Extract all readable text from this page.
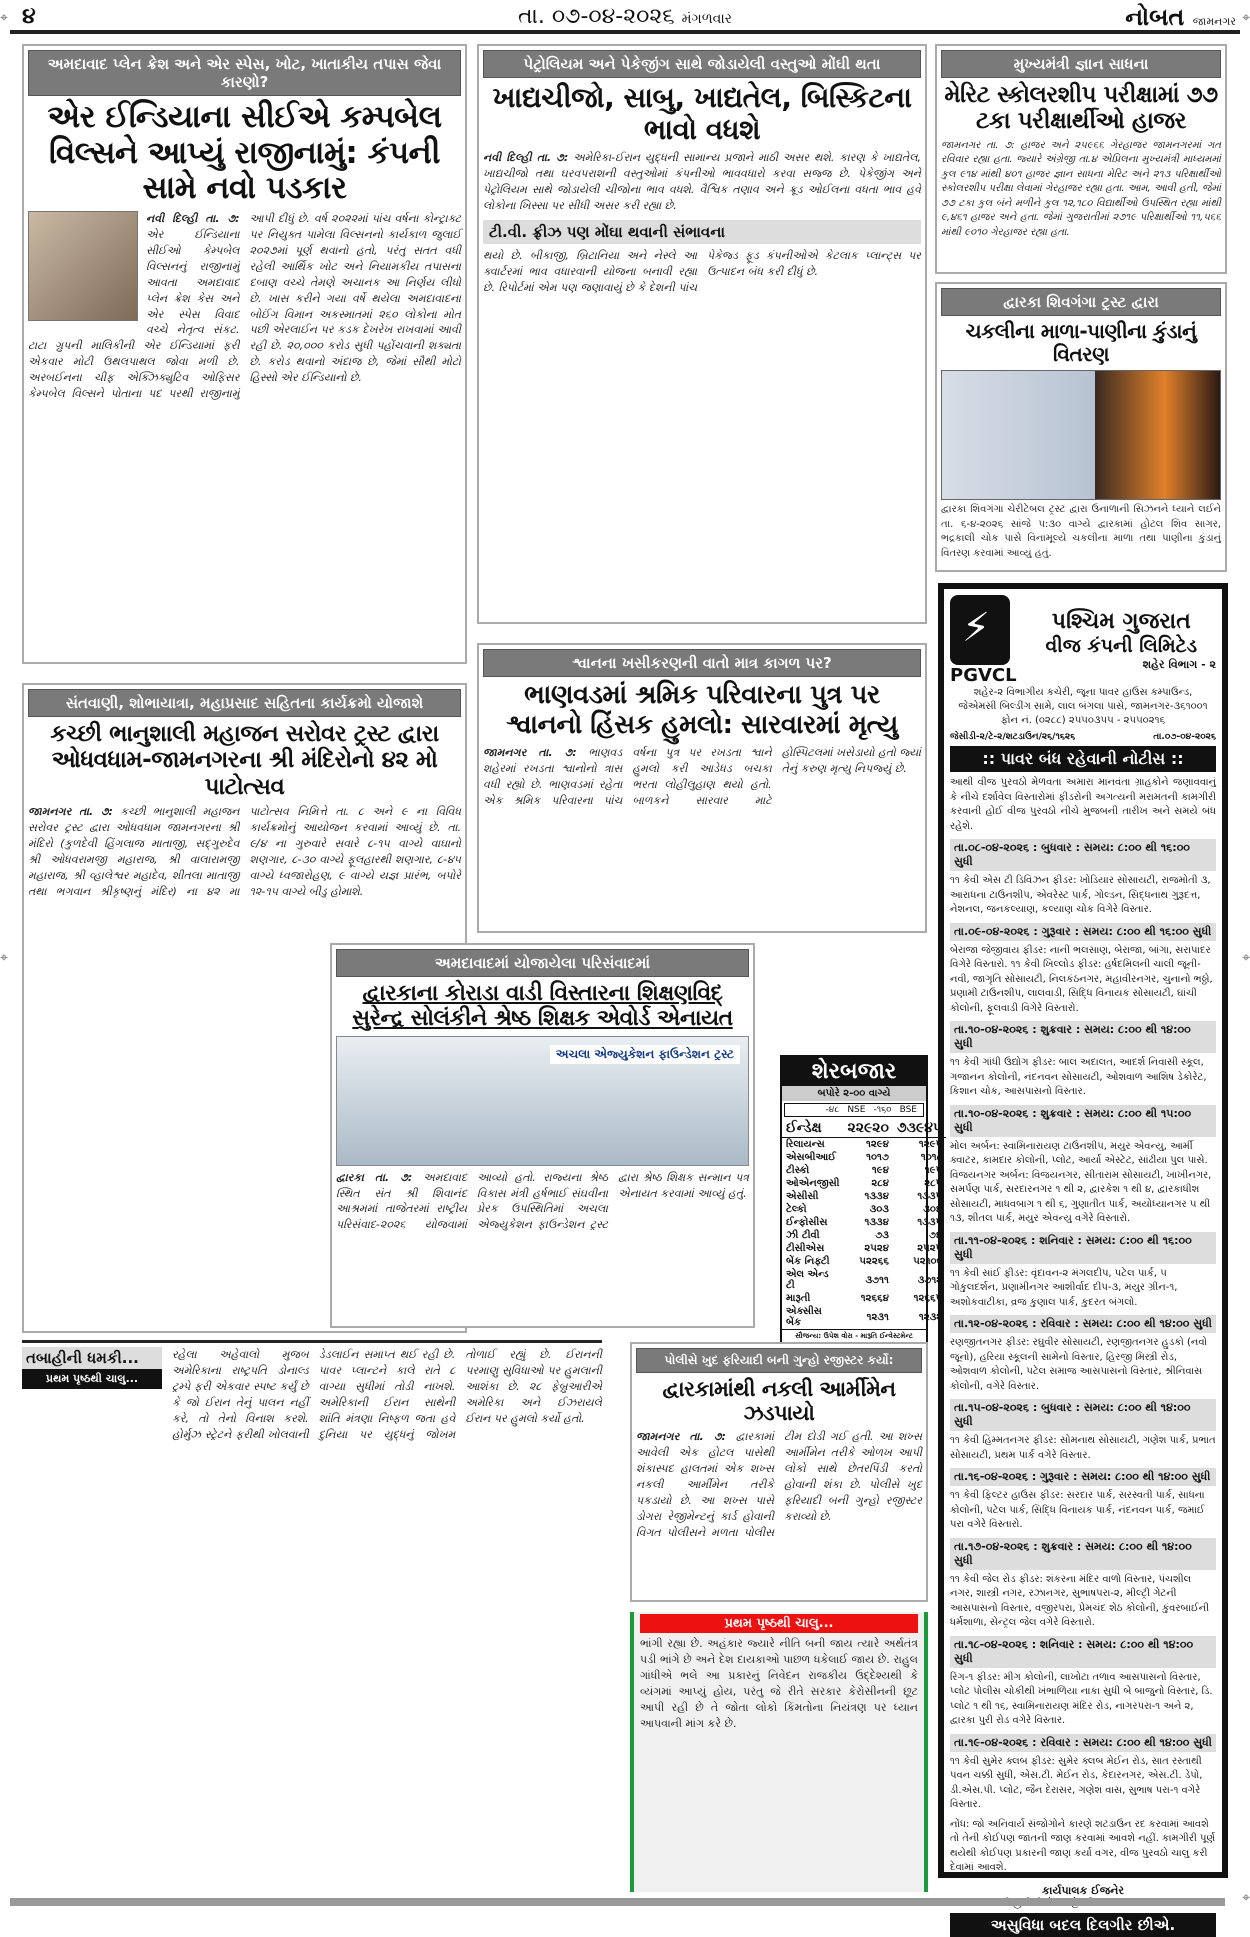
૪	તા. ૦૭-૦૪-૨૦૨૬ મંગળવાર	નોબત જામનગર
અમદાવાદ પ્લેન ક્રેશ અને એર સ્પેસ, ખોટ, ખાતાકીય તપાસ જેવા કારણો?
એર ઈન્ડિયાના સીઈએ કમ્પબેલ વિલ્સને આપ્યું રાજીનામું: કંપની સામે નવો પડકાર
નવી દિલ્હી તા. ૭: એર ઈન્ડિયાના સીઈઓ કેમ્પબેલ વિલ્સનનું રાજીનામું આવતા અમદાવાદ પ્લેન ક્રેશ કેસ અને એર સ્પેસ વિવાદ વચ્ચે નેતૃત્વ સંકટ. ટાટા ગ્રુપની માલિકીની એર ઈન્ડિયામાં ફરી એકવાર મોટી ઉથલપાથલ જોવા મળી છે. અરબઈનના ચીફ એક્ઝિક્યુટિવ ઓફિસર કેમ્પબેલ વિલ્સને પોતાના પદ પરથી રાજીનામું આપી દીધું છે. વર્ષ ૨૦૨૨માં પાંચ વર્ષના કોન્ટ્રાક્ટ પર નિયુક્ત પામેલા વિલ્સનનો કાર્યકાળ જુલાઈ ૨૦૨૭માં પૂર્ણ થવાનો હતો, પરંતુ સતત વધી રહેલી આર્થિક ખોટ અને નિયામકીય તપાસના દબાણ વચ્ચે તેમણે અચાનક આ નિર્ણય લીધો છે. ખાસ કરીને ગયા વર્ષે થયેલા અમદાવાદના બોઈંગ વિમાન અકસ્માતમાં ૨૬૦ લોકોના મોત પછી એરલાઈન પર કડક દેખરેખ રાખવામાં આવી રહી છે. ૨૦,૦૦૦ કરોડ સુધી પહોંચવાની શક્યતા છે. કરોડ થવાનો અંદાજ છે, જેમાં સૌથી મોટો હિસ્સો એર ઈન્ડિયાનો છે.
પેટ્રોલિયમ અને પેકેજીંગ સાથે જોડાયેલી વસ્તુઓ મોંઘી થતા
ખાદ્યચીજો, સાબુ, ખાદ્યતેલ, બિસ્કિટના ભાવો વધશે
નવી દિલ્હી તા. ૭: અમેરિકા-ઈરાન યુદ્ધની સામાન્ય પ્રજાને માઠી અસર થશે. કારણ કે ખાદ્યતેલ, ખાદ્યચીજો તથા ઘરવપરાશની વસ્તુઓમાં કંપનીઓ ભાવવધારો કરવા સજ્જ છે. પેકેજીંગ અને પેટ્રોલિયમ સાથે જોડાયેલી ચીજોના ભાવ વધશે. વૈશ્વિક તણાવ અને ક્રૂડ ઓઈલના વધતા ભાવ હવે લોકોના ખિસ્સા પર સીધી અસર કરી રહ્યા છે.
ટી.વી. ફ્રીઝ પણ મોંઘા થવાની સંભાવના
થયો છે. બીકાજી, બ્રિટાનિયા અને નેસ્લે આ ક્વાર્ટરમાં ભાવ વધારવાની યોજના બનાવી રહ્યા છે. રિપોર્ટમાં એમ પણ જણાવાયું છે કે દેશની પાંચ પેકેજ્ડ ફૂડ કંપનીઓએ કેટલાક પ્લાન્ટ્સ પર ઉત્પાદન બંધ કરી દીધું છે.
મુખ્યમંત્રી જ્ઞાન સાધના
મેરિટ સ્કોલરશીપ પરીક્ષામાં ૭૭ ટકા પરીક્ષાર્થીઓ હાજર
જામનગર તા. ૭: હાજર અને ૨૫૯૬૬ ગેરહાજર જામનગરમાં ગત રવિવાર રહ્યા હતા. જ્યારે અંગ્રેજી તા.૪ એપ્રિલના મુખ્યમંત્રી માધ્યમમાં કુલ ૯૧૪ માંથી ૪૦૧ હાજર જ્ઞાન સાધના મેરિટ અને ૨૧૩ પરિક્ષાર્થીઓ સ્કોલરશીપ પરીક્ષા લેવામાં ગેરહાજર રહ્યા હતા. આમ, આવી હતી, જેમાં ૭૭ ટકા કુલ બંને મળીને કુલ ૧૨,૧૮૦ વિદ્યાર્થીઓ ઉપસ્થિત રહ્યા માંથી ૯,૪૬૧ હાજર અને હતા. જેમાં ગુજરાતીમાં ૨૭૧૯ પરિક્ષાર્થીઓ ૧૧,૫૬૬ માંથી ૯૦૧૦ ગેરહાજર રહ્યા હતા.
દ્વારકા શિવગંગા ટ્રસ્ટ દ્વારા
ચકલીના માળા-પાણીના કુંડાનું વિતરણ
દ્વારકા શિવગંગા ચેરીટેબલ ટ્રસ્ટ દ્વારા ઉનાળાની સિઝનને ધ્યાને લઈને તા. ૬-૪-૨૦૨૬ સાંજે ૫:૩૦ વાગ્યે દ્વારકામાં હોટલ શિવ સાગર, ભદ્રકાલી ચોક પાસે વિનામૂલ્યે ચકલીના માળા તથા પાણીના કુંડાનું વિતરણ કરવામાં આવ્યું હતું.
સંતવાણી, શોભાયાત્રા, મહાપ્રસાદ સહિતના કાર્યક્રમો યોજાશે
કચ્છી ભાનુશાલી મહાજન સરોવર ટ્રસ્ટ દ્વારા ઓધવધામ-જામનગરના શ્રી મંદિરોનો ૪૨ મો પાટોત્સવ
જામનગર તા. ૭: કચ્છી ભાનુશાલી મહાજન સરોવર ટ્રસ્ટ દ્વારા ઓધવધામ જામનગરના શ્રી મંદિરો (કુળદેવી હિંગલાજ માતાજી, સદ્ગુરુદેવ શ્રી ઓધવરામજી મહારાજ, શ્રી વાલારામજી મહારાજ, શ્રી વ્હાલેશ્વર મહાદેવ, શીતલા માતાજી તથા ભગવાન શ્રીકૃષ્ણનું મંદિર) ના ૪૨ મા પાટોત્સવ નિમિત્તે તા. ૮ અને ૯ ના વિવિધ કાર્યક્રમોનું આયોજન કરવામાં આવ્યું છે. તા. ૯/૪ ના ગુરુવારે સવારે ૮-૧૫ વાગ્યે વાઘાનો શણગાર, ૮-૩૦ વાગ્યે ફૂલહારથી શણગાર, ૮-૪૫ વાગ્યે ધ્વજારોહણ, ૯ વાગ્યે યજ્ઞ પ્રારંભ, બપોરે ૧૨-૧૫ વાગ્યે બીડુ હોમાશે.
શ્વાનના ખસીકરણની વાતો માત્ર કાગળ પર?
ભાણવડમાં શ્રમિક પરિવારના પુત્ર પર શ્વાનનો હિંસક હુમલો: સારવારમાં મૃત્યુ
જામનગર તા. ૭: ભાણવડ શહેરમાં રખડતા શ્વાનોનો ત્રાસ વધી રહ્યો છે. ભાણવડમાં રહેતા એક શ્રમિક પરિવારના પાંચ વર્ષના પુત્ર પર રખડતા શ્વાને હુમલો કરી આડેધડ બચકા ભરતા લોહીલુહાણ થયો હતો. બાળકને સારવાર માટે હોસ્પિટલમાં ખસેડાયો હતો જ્યાં તેનું કરુણ મૃત્યુ નિપજ્યું છે.
અમદાવાદમાં યોજાયેલા પરિસંવાદમાં
દ્વારકાના કોરાડા વાડી વિસ્તારના શિક્ષણવિદ્ સુરેન્દ્ર સોલંકીને શ્રેષ્ઠ શિક્ષક એવોર્ડ એનાયત
અચલા એજ્યુકેશન ફાઉન્ડેશન ટ્રસ્ટ
દ્વારકા તા. ૭: અમદાવાદ સ્થિત સંત શ્રી શિવાનંદ આશ્રમમાં તાજેતરમાં રાષ્ટ્રીય પરિસંવાદ-૨૦૨૬ યોજવામાં આવ્યો હતો. રાજ્યના શ્રેષ્ઠ વિકાસ મંત્રી હર્ષભાઈ સંઘવીના પ્રેરક ઉપસ્થિતિમાં અચલા એજ્યુકેશન ફાઉન્ડેશન ટ્રસ્ટ દ્વારા શ્રેષ્ઠ શિક્ષક સન્માન પત્ર એનાયત કરવામાં આવ્યું હતું.
શેરબજાર
બપોરે ૨-૦૦ વાગ્યે
-૪૮ NSE -૧૬૦ BSE
ઈન્ડેક્ષ	૨૨૯૨૦	૭૩૯૪૫
રિલાયન્સ	૧૨૯૪	૧૨૯૫
એસબીઆઈ	૧૦૧૭	૧૦૧૮
ટીસ્કો	૧૯૪	૧૯૫
ઓએનજીસી	૨૮૪	૨૮૫
એસીસી	૧૩૩૪	૧૩૩૫
ટેલ્કો	૩૦૩	૩૦૪
ઈન્ફોસીસ	૧૩૩૪	૧૩૩૫
ઝી ટીવી	૭૩	૭૪
ટીસીએસ	૨૫૨૪	૨૫૨૫
બેંક નિફ્ટી	૫૨૨૬૬	૫૨૧૦૬
એલ એન્ડ ટી	૩૭૧૧	૩૭૧૨
મારૂતી	૧૨૬૬૪	૧૨૬૬૫
એક્સીસ બેંક	૧૨૩૧	૧૨૩૨
સૌજન્ય: ઉપેશ વોરા - મારૂતિ ઈન્વેસ્ટમેન્ટ
તબાહીની ધમકી...
પ્રથમ પૃષ્ઠથી ચાલુ...
રહેલા અહેવાલો મુજબ અમેરિકાના રાષ્ટ્રપતિ ડોનાલ્ડ ટ્રમ્પે ફરી એકવાર સ્પષ્ટ કર્યું છે કે જો ઈરાન તેનું પાલન નહીં કરે, તો તેનો વિનાશ કરશે. હોર્મુઝ સ્ટ્રેટને ફરીથી ખોલવાની ડેડલાઈન સમાપ્ત થઈ રહી છે. પાવર પ્લાન્ટને કાલે રાતે ૮ વાગ્યા સુધીમાં તોડી નાખશે. અમેરિકાની ઈરાન સાથેની શાંતિ મંત્રણા નિષ્ફળ જતા હવે દુનિયા પર યુદ્ધનું જોખમ તોળાઈ રહ્યું છે. ઈરાનની પરમાણુ સુવિધાઓ પર હુમલાની આશંકા છે. ૨૮ ફેબ્રુઆરીએ અમેરિકા અને ઈઝરાયલે ઈરાન પર હુમલો કર્યો હતો.
પોલીસે ખુદ ફરિયાદી બની ગુન્હો રજીસ્ટર કર્યો:
દ્વારકામાંથી નકલી આર્મીમેન ઝડપાયો
જામનગર તા. ૭: દ્વારકામાં આવેલી એક હોટલ પાસેથી શંકાસ્પદ હાલતમાં એક શખ્સ નકલી આર્મીમેન તરીકે પકડાયો છે. આ શખ્સ પાસે ડોગરા રેજીમેન્ટનું કાર્ડ હોવાની વિગત પોલીસને મળતા પોલીસ ટીમ દોડી ગઈ હતી. આ શખ્સ આર્મીમેન તરીકે ઓળખ આપી લોકો સાથે છેતરપિંડી કરતો હોવાની શંકા છે. પોલીસે ખુદ ફરિયાદી બની ગુન્હો રજીસ્ટર કરાવ્યો છે.
પ્રથમ પૃષ્ઠથી ચાલુ...
ભાંગી રહ્યા છે. અહંકાર જ્યારે નીતિ બની જાય ત્યારે અર્થતંત્ર પડી ભાંગે છે અને દેશ દાયકાઓ પાછળ ધકેલાઈ જાય છે. રાહુલ ગાંધીએ ભલે આ પ્રકારનું નિવેદન રાજકીય ઉદ્દેશ્યથી કે વ્યંગમાં આપ્યું હોય, પરંતુ જે રીતે સરકાર કેરોસીનની છૂટ આપી રહી છે તે જોતા લોકો કિંમતોના નિયંત્રણ પર ધ્યાન આપવાની માંગ કરે છે.
⚡
PGVCL
પશ્ચિમ ગુજરાત
વીજ કંપની લિમિટેડ
શહેર વિભાગ - ૨
શહેર-૨ વિભાગીય કચેરી, જૂના પાવર હાઉસ કમ્પાઉન્ડ,
જેએમસી બિલ્ડીંગ સામે, લાલ બંગલા પાસે, જામનગર-૩૬૧૦૦૧
ફોન નં. (૦૨૮૮) ૨૫૫૦૩૫૫ - ૨૫૫૦૨૧૬
જેસીડી-૨/ટે-૨/શટડાઉન/૨૬/૧૬૨૬	તા.૦૭-૦૪-૨૦૨૬
:: પાવર બંધ રહેવાની નોટીસ ::
આથી વીજ પુરવઠો મેળવતા અમારા માનવંતા ગ્રાહકોને જણાવવાનું કે નીચે દર્શાવેલ વિસ્તારોમાં ફીડરોની અગત્યની મરામતની કામગીરી કરવાની હોઈ વીજ પુરવઠો નીચે મુજબની તારીખ અને સમયે બંધ રહેશે.
તા.૦૮-૦૪-૨૦૨૬ : બુધવાર : સમય: ૮:૦૦ થી ૧૬:૦૦ સુધી
૧૧ કેવી એસ ટી ડિવિઝન ફીડર: ખોડિયાર સોસાયટી, રાજમોતી ૩, આરાધના ટાઉનશીપ, એવરેસ્ટ પાર્ક, ગોલ્ડન, સિદ્ધનાથ ગુરૂદત્ત, નેશનલ, જનકલ્યાણ, કલ્યાણ ચોક વિગેરે વિસ્તાર.
તા.૦૯-૦૪-૨૦૨૬ : ગુરૂવાર : સમય: ૮:૦૦ થી ૧૬:૦૦ સુધી
બેરાજા જેજીવાય ફીડર: નાની ભલસાણ, બેરાજા, બાંગા, સરાપાદર વિગેરે વિસ્તારો. ૧૧ કેવી ખિલ્લોડ ફીડર: હર્ષદમિલની ચાલી જૂની-નવી, જાગૃતિ સોસાયટી, નિલકંઠનગર, મહાવીરનગર, ચુનાનો ભઠ્ઠો, પ્રણામી ટાઉનશીપ, લાલવાડી, સિદ્ધિ વિનાયક સોસાયટી, ઘાંચી કોલોની, ફૂલવાડી વિગેરે વિસ્તારો.
તા.૧૦-૦૪-૨૦૨૬ : શુક્રવાર : સમય: ૮:૦૦ થી ૧૪:૦૦ સુધી
૧૧ કેવી ગાંધી ઉદ્યોગ ફીડર: બાલ અદાલત, આદર્શ નિવાસી સ્કૂલ, ગજાનન કોલોની, નંદનવન સોસાયટી, ઓશવાળ આશિષ ડેકોરેટ, કિશાન ચોક, આસપાસનો વિસ્તાર.
તા.૧૦-૦૪-૨૦૨૬ : શુક્રવાર : સમય: ૮:૦૦ થી ૧૫:૦૦ સુધી
મોલ અર્બન: સ્વામિનારાયણ ટાઉનશીપ, મયુર એવન્યુ, આર્મી ક્વાટર, કામદાર કોલોની, પ્લોટ, આર્યા એસ્ટેટ, સાંઢીયા પુલ પાસે. વિજયનગર અર્બન: વિજયનગર, સીતારામ સોસાયટી, ખાખીનગર, સમર્પણ પાર્ક, સરદારનગર ૧ થી ૨, દ્વારકેશ ૧ થી ૪, દ્વારકાધીશ સોસાયટી, માધવબાગ ૧ થી ૬, ગુણાતીત પાર્ક, અયોધ્યાનગર ૫ થી ૧૩, શીતલ પાર્ક, મયુર એવન્યુ વગેરે વિસ્તારો.
તા.૧૧-૦૪-૨૦૨૬ : શનિવાર : સમય: ૮:૦૦ થી ૧૬:૦૦ સુધી
૧૧ કેવી સાંઈ ફીડર: વૃંદાવન-૨ મંગલદીપ, પટેલ પાર્ક, ૫ ગોકુલદર્શન, પ્રણામીનગર આશીર્વાદ દીપ-૩, મયુર ગ્રીન-૧, અશોકવાટીકા, વ્રજ કુણાલ પાર્ક, કુદરત બંગલો.
તા.૧૨-૦૪-૨૦૨૬ : રવિવાર : સમય: ૮:૦૦ થી ૧૪:૦૦ સુધી
રણજીતનગર ફીડર: રઘુવીર સોસાયટી, રણજીતનગર હુડકો (નવો જૂનો), હરિયા સ્કૂલની સામેનો વિસ્તાર, હિરજી મિસ્ત્રી રોડ, ઓશવાળ કોલોની, પટેલ સમાજ આસપાસનો વિસ્તાર, શ્રીનિવાસ કોલોની, વગેરે વિસ્તાર.
તા.૧૫-૦૪-૨૦૨૬ : બુધવાર : સમય: ૮:૦૦ થી ૧૪:૦૦ સુધી
૧૧ કેવી હિમ્મતનગર ફીડર: સોમનાથ સોસાયટી, ગણેશ પાર્ક, પ્રભાત સોસાયટી, પ્રથમ પાર્ક વગેરે વિસ્તાર.
તા.૧૬-૦૪-૨૦૨૬ : ગુરૂવાર : સમય: ૮:૦૦ થી ૧૪:૦૦ સુધી
૧૧ કેવી ફિલ્ટર હાઉસ ફીડર: સરદાર પાર્ક, સરસ્વતી પાર્ક, સાધના કોલોની, પટેલ પાર્ક, સિદ્ધિ વિનાયક પાર્ક, નંદનવન પાર્ક, જમાઈ પરા વગેરે વિસ્તારો.
તા.૧૭-૦૪-૨૦૨૬ : શુક્રવાર : સમય: ૮:૦૦ થી ૧૪:૦૦ સુધી
૧૧ કેવી જેલ રોડ ફીડર: શંકરના મંદિર વાળો વિસ્તાર, પંચશીલ નગર, શાસ્ત્રી નગર, રઝાનગર, સુભાષપરા-૨, મીલ્ટ્રી ગેટની આસપાસનો વિસ્તાર, વજીરપરા, પ્રેમચંદ શેઠ કોલોની, કુંવરબાઈની ધર્મશાળા, સેન્ટ્રલ જેલ વગેરે વિસ્તારો.
તા.૧૮-૦૪-૨૦૨૬ : શનિવાર : સમય: ૮:૦૦ થી ૧૪:૦૦ સુધી
રિંગ-૧ ફીડર: મીગ કોલોની, લાખોટા તળાવ આસપાસનો વિસ્તાર, પ્લોટ પોલીસ ચોકીથી ખંભાળિયા નાકા સુધી બે બાજુનો વિસ્તાર, ડિ. પ્લોટ ૧ થી ૧૬, સ્વામિનારાયણ મંદિર રોડ, નાગરપરા-૧ અને ૨, દ્વારકા પુરી રોડ વગેરે વિસ્તાર.
તા.૧૯-૦૪-૨૦૨૬ : રવિવાર : સમય: ૮:૦૦ થી ૧૪:૦૦ સુધી
૧૧ કેવી સુમેર ક્લબ ફીડર: સુમેર ક્લબ મેઈન રોડ, સાત રસ્તાથી પવન ચક્કી સુધી, એસ.ટી. મેઈન રોડ, કેદારનગર, એસ.ટી. ડેપો, ડી.એસ.પી. પ્લોટ, જૈન દેરાસર, ગણેશ વાસ, સુભાષ પરા-૧ વગેરે વિસ્તાર.
નોંધ: જો અનિવાર્ય સંજોગોને કારણે શટડાઉન રદ કરવામાં આવશે તો તેની કોઈપણ જાતની જાણ કરવામાં આવશે નહીં. કામગીરી પૂર્ણ થયેથી કોઈપણ પ્રકારની જાણ કર્યા વગર, વીજ પુરવઠો ચાલુ કરી દેવામાં આવશે.
કાર્યપાલક ઈજનેર
અસુવિધા બદલ દિલગીર છીએ.
⌖	⌖
⌖	⌖
⌖
